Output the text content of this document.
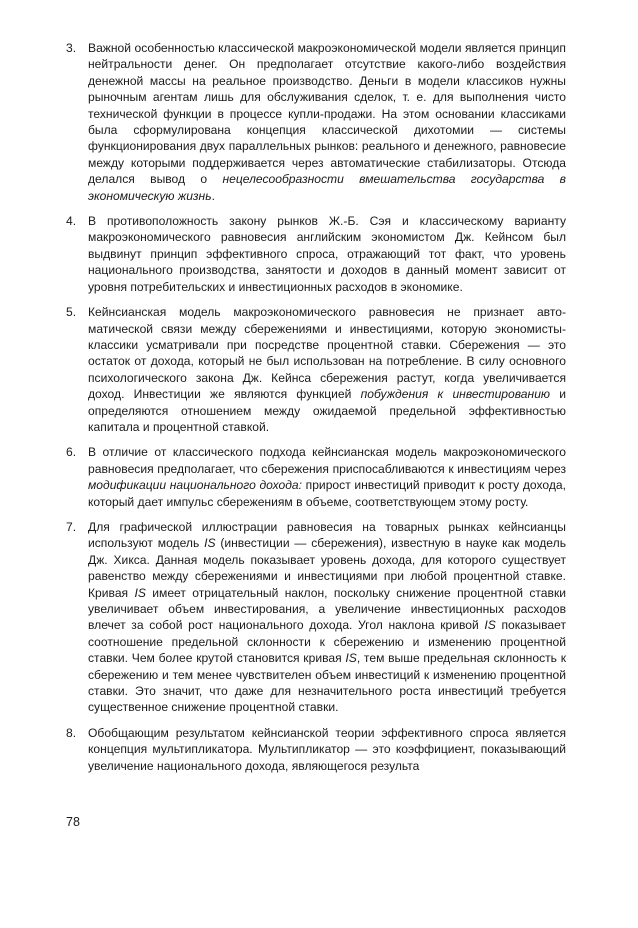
3. Важной особенностью классической макроэкономической модели является принцип нейтральности денег. Он предполагает отсутствие какого-либо воздействия денежной массы на реальное производство. Деньги в модели классиков нужны рыночным агентам лишь для обслуживания сделок, т. е. для выполнения чисто технической функции в процессе купли-продажи. На этом основании классиками была сформулирована концепция классической дихотомии — системы функционирования двух параллельных рынков: реального и денежного, равновесие между которыми поддерживается через автоматические стабилизаторы. Отсюда делался вывод о нецелесообразности вмешательства государства в экономическую жизнь.

4. В противоположность закону рынков Ж.-Б. Сэя и классическому варианту макроэкономического равновесия английским экономистом Дж. Кейнсом был выдвинут принцип эффективного спроса, отражающий тот факт, что уровень национального производства, занятости и доходов в данный момент зависит от уровня потребительских и инвестиционных расходов в экономике.

5. Кейнсианская модель макроэкономического равновесия не признает автоматической связи между сбережениями и инвестициями, которую экономисты-классики усматривали при посредстве процентной ставки. Сбережения — это остаток от дохода, который не был использован на потребление. В силу основного психологического закона Дж. Кейнса сбережения растут, когда увеличивается доход. Инвестиции же являются функцией побуждения к инвестированию и определяются отношением между ожидаемой предельной эффективностью капитала и процентной ставкой.

6. В отличие от классического подхода кейнсианская модель макроэкономического равновесия предполагает, что сбережения приспосабливаются к инвестициям через модификации национального дохода: прирост инвестиций приводит к росту дохода, который дает импульс сбережениям в объеме, соответствующем этому росту.

7. Для графической иллюстрации равновесия на товарных рынках кейнсианцы используют модель IS (инвестиции — сбережения), известную в науке как модель Дж. Хикса. Данная модель показывает уровень дохода, для которого существует равенство между сбережениями и инвестициями при любой процентной ставке. Кривая IS имеет отрицательный наклон, поскольку снижение процентной ставки увеличивает объем инвестирования, а увеличение инвестиционных расходов влечет за собой рост национального дохода. Угол наклона кривой IS показывает соотношение предельной склонности к сбережению и изменению процентной ставки. Чем более крутой становится кривая IS, тем выше предельная склонность к сбережению и тем менее чувствителен объем инвестиций к изменению процентной ставки. Это значит, что даже для незначительного роста инвестиций требуется существенное снижение процентной ставки.

8. Обобщающим результатом кейнсианской теории эффективного спроса является концепция мультипликатора. Мультипликатор — это коэффициент, показывающий увеличение национального дохода, являющегося результа

78
